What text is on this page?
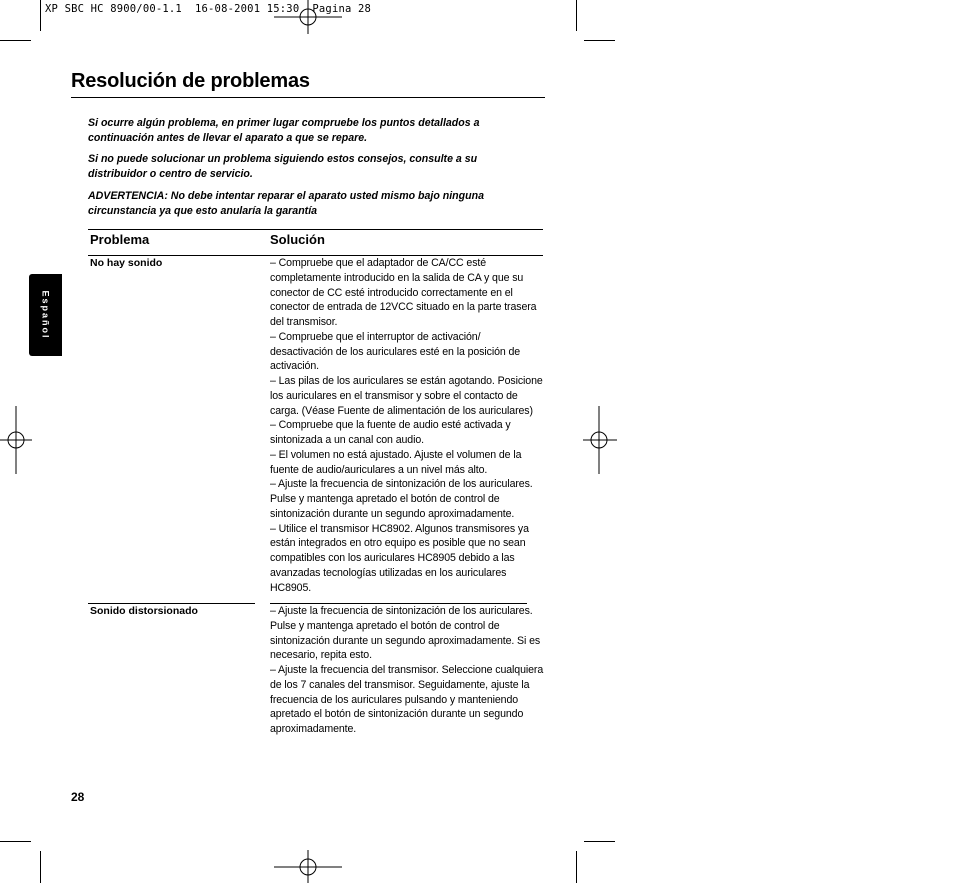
XP SBC HC 8900/00-1.1  16-08-2001 15:30  Pagina 28
Resolución de problemas
Si ocurre algún problema, en primer lugar compruebe los puntos detallados a continuación antes de llevar el aparato a que se repare.
Si no puede solucionar un problema siguiendo estos consejos, consulte a su distribuidor o centro de servicio.
ADVERTENCIA: No debe intentar reparar el aparato usted mismo bajo ninguna circunstancia ya que esto anularía la garantía
Español
Problema	Solución
No hay sonido	– Compruebe que el adaptador de CA/CC esté completamente introducido en la salida de CA y que su conector de CC esté introducido correctamente en el conector de entrada de 12VCC situado en la parte trasera del transmisor.
– Compruebe que el interruptor de activación/ desactivación de los auriculares esté en la posición de activación.
– Las pilas de los auriculares se están agotando. Posicione los auriculares en el transmisor y sobre el contacto de carga. (Véase Fuente de alimentación de los auriculares)
– Compruebe que la fuente de audio esté activada y sintonizada a un canal con audio.
– El volumen no está ajustado. Ajuste el volumen de la fuente de audio/auriculares a un nivel más alto.
– Ajuste la frecuencia de sintonización de los auriculares. Pulse y mantenga apretado el botón de control de sintonización durante un segundo aproximadamente.
– Utilice el transmisor HC8902. Algunos transmisores ya están integrados en otro equipo es posible que no sean compatibles con los auriculares HC8905 debido a las avanzadas tecnologías utilizadas en los auriculares HC8905.
Sonido distorsionado	– Ajuste la frecuencia de sintonización de los auriculares. Pulse y mantenga apretado el botón de control de sintonización durante un segundo aproximadamente. Si es necesario, repita esto.
– Ajuste la frecuencia del transmisor. Seleccione cualquiera de los 7 canales del transmisor. Seguidamente, ajuste la frecuencia de los auriculares pulsando y manteniendo apretado el botón de sintonización durante un segundo aproximadamente.
28
